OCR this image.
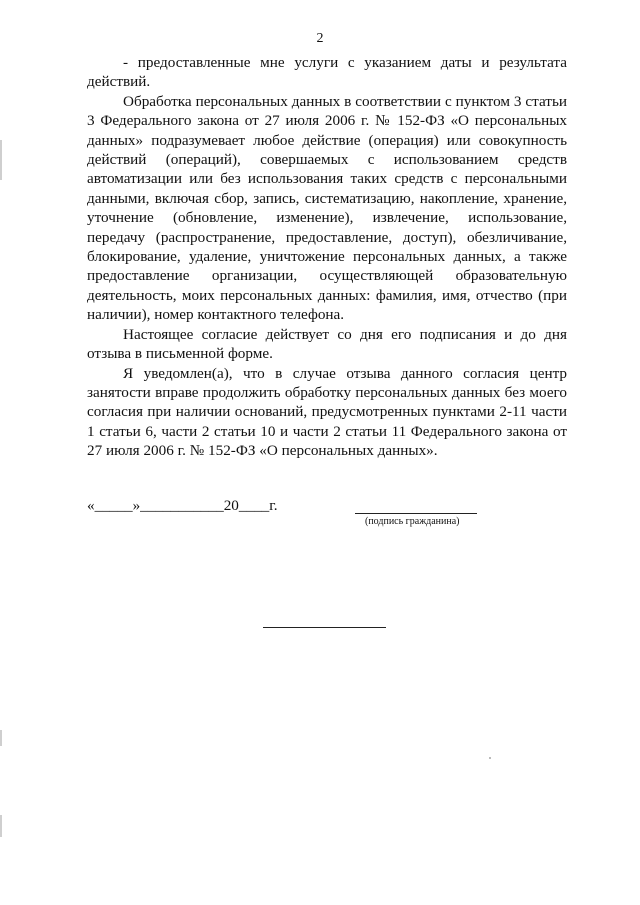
2

- предоставленные мне услуги с указанием даты и результата действий.

Обработка персональных данных в соответствии с пунктом 3 статьи 3 Федерального закона от 27 июля 2006 г. № 152-ФЗ «О персональных данных» подразумевает любое действие (операция) или совокупность действий (операций), совершаемых с использованием средств автоматизации или без использования таких средств с персональными данными, включая сбор, запись, систематизацию, накопление, хранение, уточнение (обновление, изменение), извлечение, использование, передачу (распространение, предоставление, доступ), обезличивание, блокирование, удаление, уничтожение персональных данных, а также предоставление организации, осуществляющей образовательную деятельность, моих персональных данных: фамилия, имя, отчество (при наличии), номер контактного телефона.

Настоящее согласие действует со дня его подписания и до дня отзыва в письменной форме.

Я уведомлен(а), что в случае отзыва данного согласия центр занятости вправе продолжить обработку персональных данных без моего согласия при наличии оснований, предусмотренных пунктами 2-11 части 1 статьи 6, части 2 статьи 10 и части 2 статьи 11 Федерального закона от 27 июля 2006 г. № 152-ФЗ «О персональных данных».

«_____»___________20____г.
(подпись гражданина)
